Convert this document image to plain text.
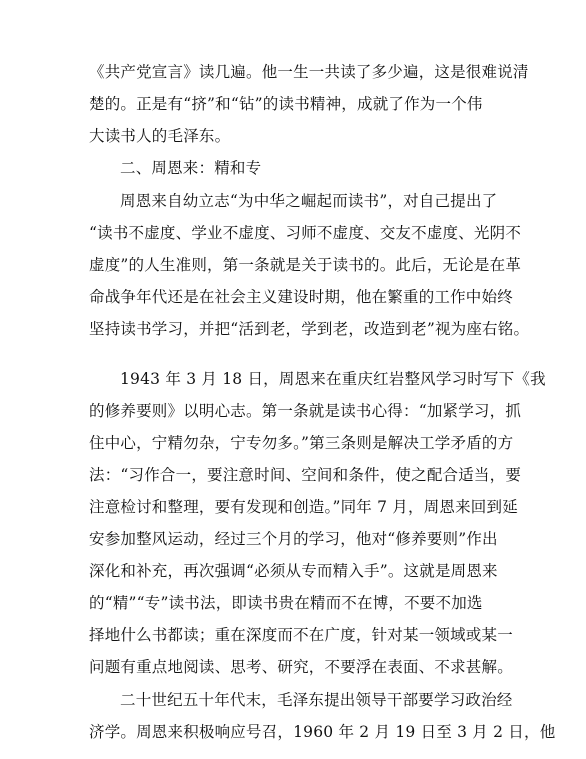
《共产党宣言》读几遍。他一生一共读了多少遍，这是很难说清
楚的。正是有“挤”和“钻”的读书精神，成就了作为一个伟
大读书人的毛泽东。
二、周恩来：精和专
周恩来自幼立志“为中华之崛起而读书”，对自己提出了
“读书不虚度、学业不虚度、习师不虚度、交友不虚度、光阴不
虚度”的人生准则，第一条就是关于读书的。此后，无论是在革
命战争年代还是在社会主义建设时期，他在繁重的工作中始终
坚持读书学习，并把“活到老，学到老，改造到老”视为座右铭。
1943 年 3 月 18 日，周恩来在重庆红岩整风学习时写下《我
的修养要则》以明心志。第一条就是读书心得：“加紧学习，抓
住中心，宁精勿杂，宁专勿多。”第三条则是解决工学矛盾的方
法：“习作合一，要注意时间、空间和条件，使之配合适当，要
注意检讨和整理，要有发现和创造。”同年 7 月，周恩来回到延
安参加整风运动，经过三个月的学习，他对“修养要则”作出
深化和补充，再次强调“必须从专而精入手”。这就是周恩来
的“精”“专”读书法，即读书贵在精而不在博，不要不加选
择地什么书都读；重在深度而不在广度，针对某一领域或某一
问题有重点地阅读、思考、研究，不要浮在表面、不求甚解。
二十世纪五十年代末，毛泽东提出领导干部要学习政治经
济学。周恩来积极响应号召，1960 年 2 月 19 日至 3 月 2 日，他
